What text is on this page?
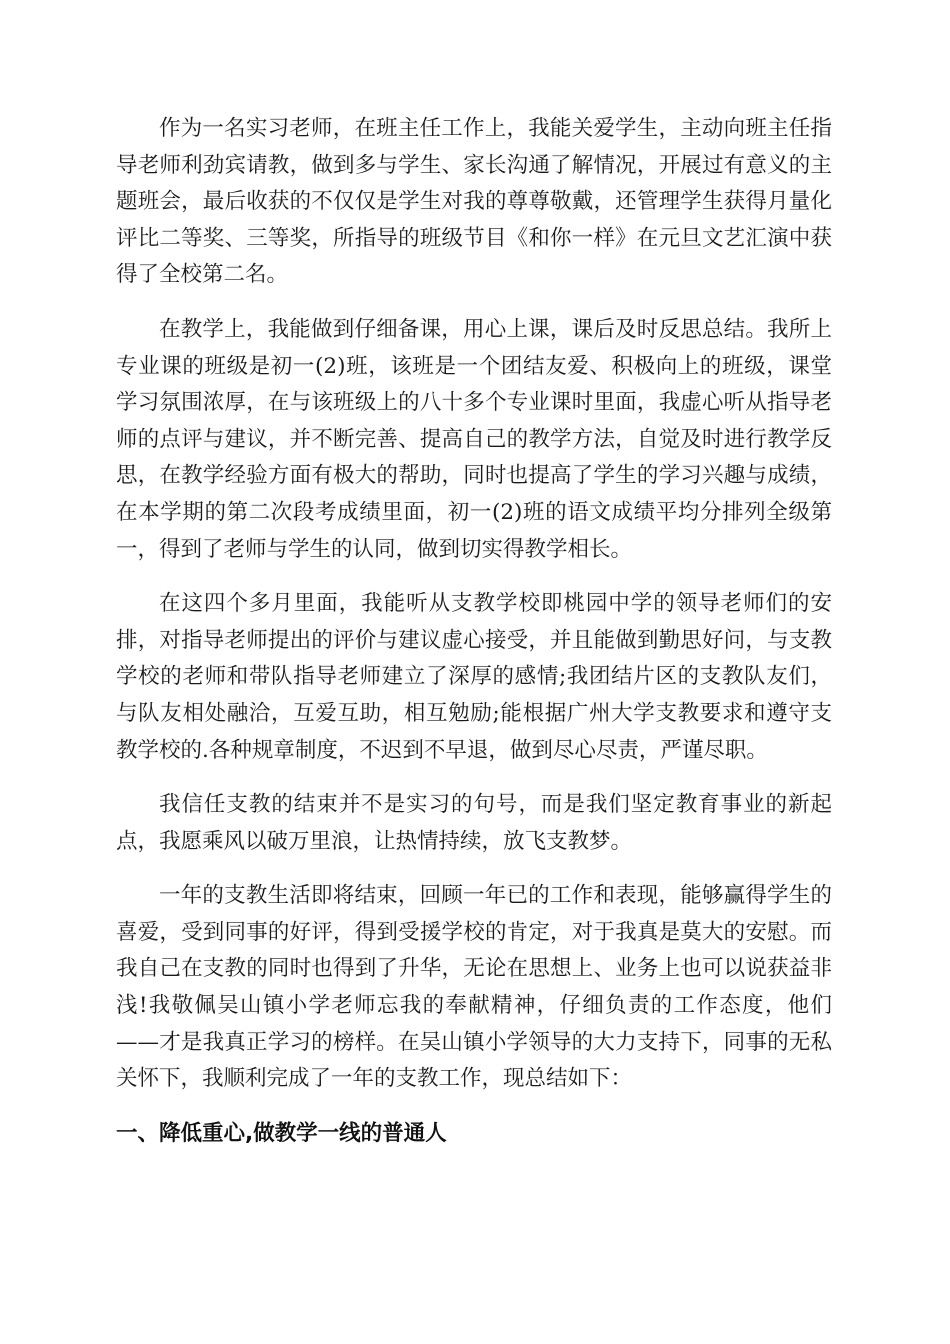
作为一名实习老师，在班主任工作上，我能关爱学生，主动向班主任指导老师利劲宾请教，做到多与学生、家长沟通了解情况，开展过有意义的主题班会，最后收获的不仅仅是学生对我的尊尊敬戴，还管理学生获得月量化评比二等奖、三等奖，所指导的班级节目《和你一样》在元旦文艺汇演中获得了全校第二名。

在教学上，我能做到仔细备课，用心上课，课后及时反思总结。我所上专业课的班级是初一(2)班，该班是一个团结友爱、积极向上的班级，课堂学习氛围浓厚，在与该班级上的八十多个专业课时里面，我虚心听从指导老师的点评与建议，并不断完善、提高自己的教学方法，自觉及时进行教学反思，在教学经验方面有极大的帮助，同时也提高了学生的学习兴趣与成绩，在本学期的第二次段考成绩里面，初一(2)班的语文成绩平均分排列全级第一，得到了老师与学生的认同，做到切实得教学相长。

在这四个多月里面，我能听从支教学校即桃园中学的领导老师们的安排，对指导老师提出的评价与建议虚心接受，并且能做到勤思好问，与支教学校的老师和带队指导老师建立了深厚的感情;我团结片区的支教队友们，与队友相处融洽，互爱互助，相互勉励;能根据广州大学支教要求和遵守支教学校的.各种规章制度，不迟到不早退，做到尽心尽责，严谨尽职。

我信任支教的结束并不是实习的句号，而是我们坚定教育事业的新起点，我愿乘风以破万里浪，让热情持续，放飞支教梦。

一年的支教生活即将结束，回顾一年已的工作和表现，能够赢得学生的喜爱，受到同事的好评，得到受援学校的肯定，对于我真是莫大的安慰。而我自己在支教的同时也得到了升华，无论在思想上、业务上也可以说获益非浅!我敬佩吴山镇小学老师忘我的奉献精神，仔细负责的工作态度，他们——才是我真正学习的榜样。在吴山镇小学领导的大力支持下，同事的无私关怀下，我顺利完成了一年的支教工作，现总结如下：

一、降低重心,做教学一线的普通人
